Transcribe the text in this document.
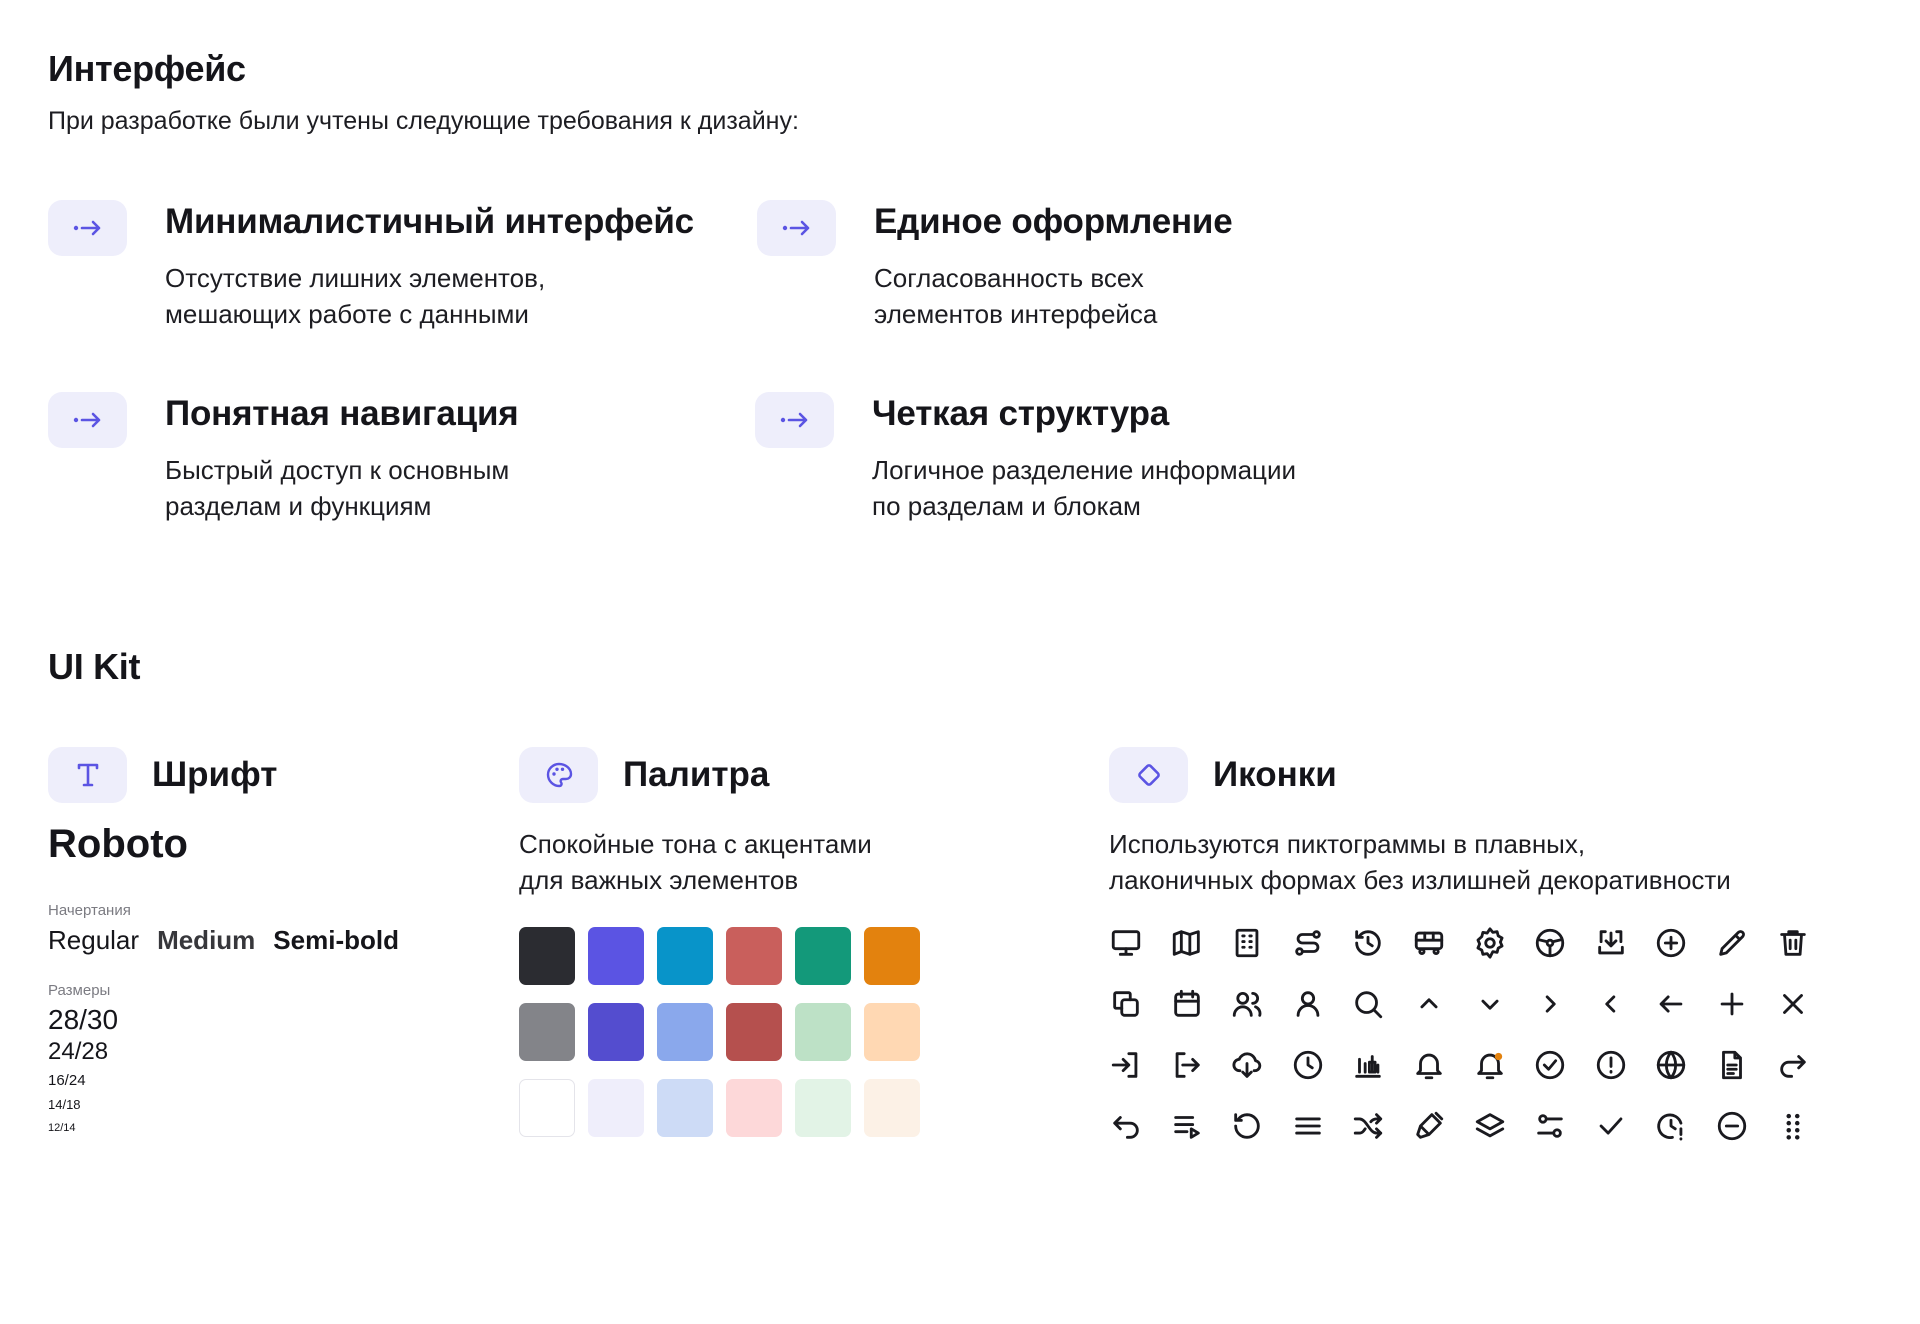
Интерфейс
При разработке были учтены следующие требования к дизайну:
Минималистичный интерфейс
Отсутствие лишних элементов,
мешающих работе с данными
Единое оформление
Согласованность всех
элементов интерфейса
Понятная навигация
Быстрый доступ к основным
разделам и функциям
Четкая структура
Логичное разделение информации
по разделам и блокам
UI Kit
Шрифт
Roboto
Начертания
Regular Medium Semi-bold
Размеры
28/30
24/28
16/24
14/18
12/14
Палитра
Спокойные тона с акцентами
для важных элементов
Иконки
Используются пиктограммы в плавных,
лаконичных формах без излишней декоративности
